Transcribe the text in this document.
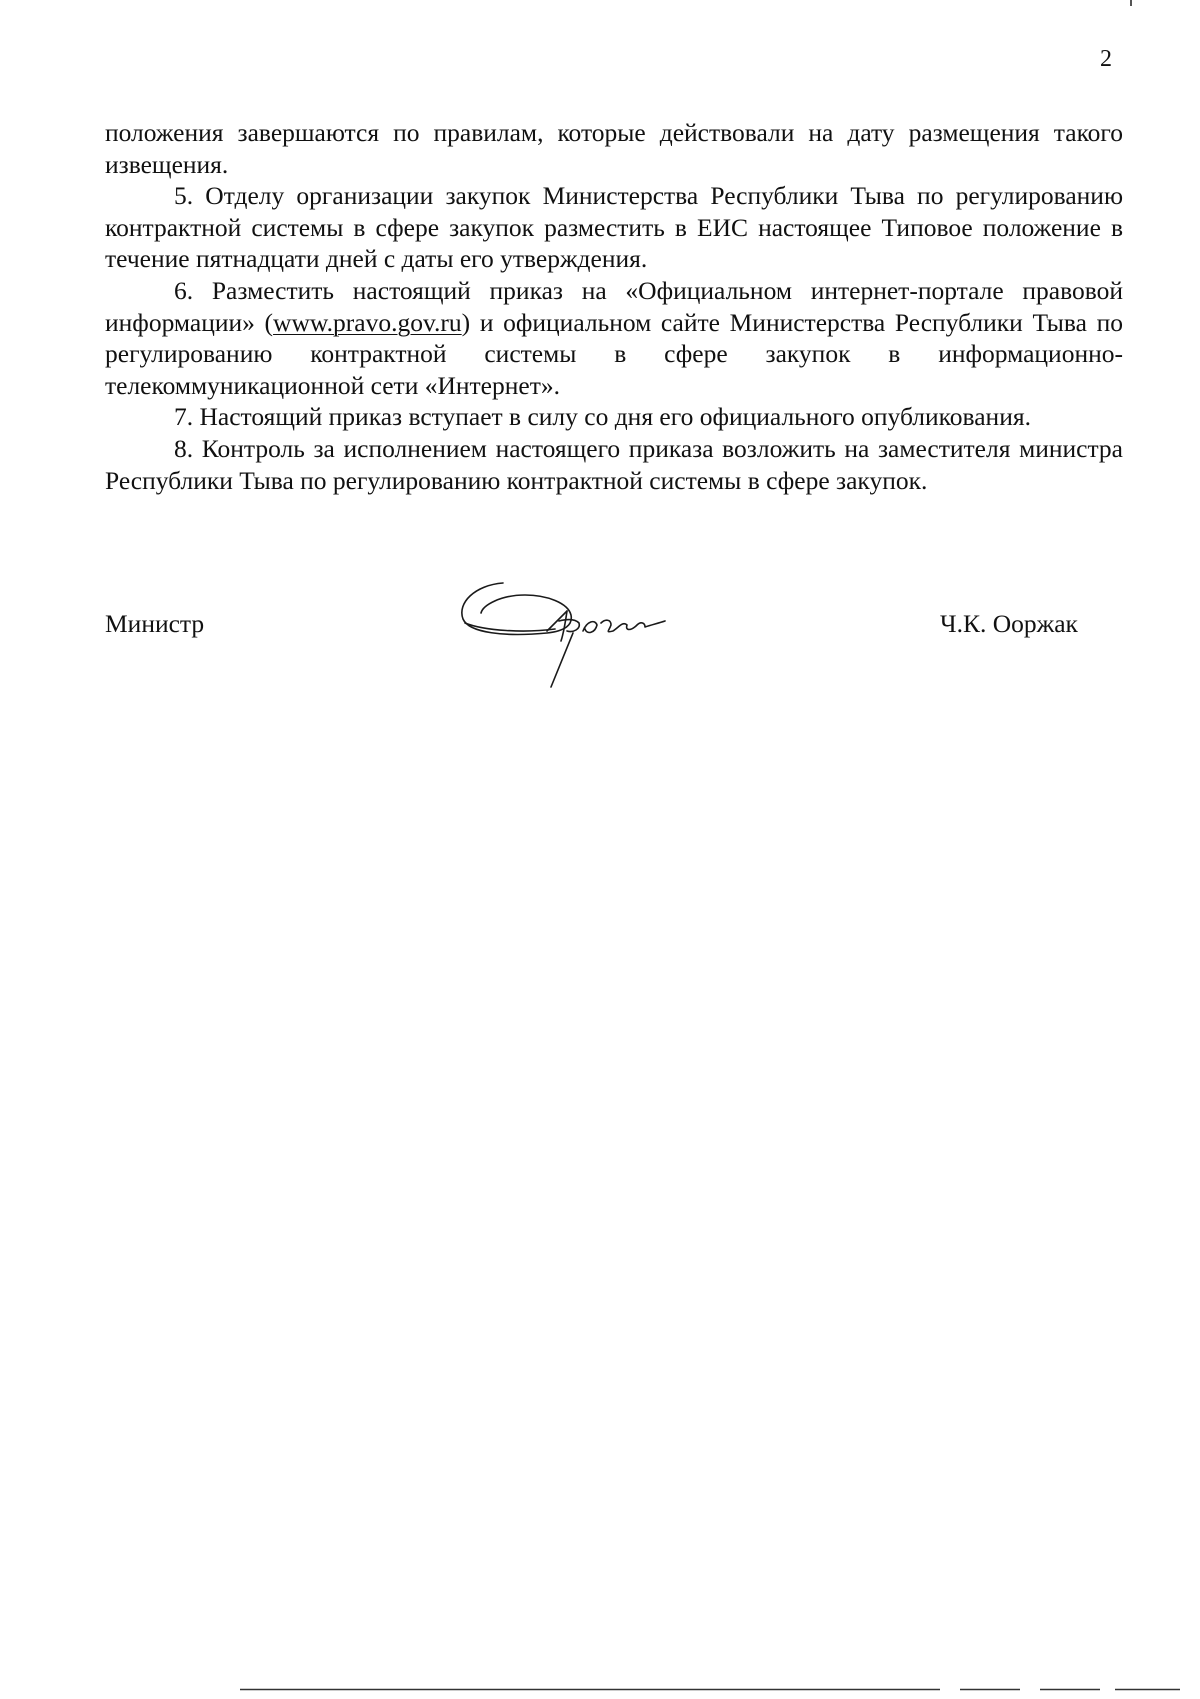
2

положения завершаются по правилам, которые действовали на дату размещения такого извещения.

5. Отделу организации закупок Министерства Республики Тыва по регулированию контрактной системы в сфере закупок разместить в ЕИС настоящее Типовое положение в течение пятнадцати дней с даты его утверждения.

6. Разместить настоящий приказ на «Официальном интернет-портале правовой информации» (www.pravo.gov.ru) и официальном сайте Министерства Республики Тыва по регулированию контрактной системы в сфере закупок в информационно-телекоммуникационной сети «Интернет».

7. Настоящий приказ вступает в силу со дня его официального опубликования.

8. Контроль за исполнением настоящего приказа возложить на заместителя министра Республики Тыва по регулированию контрактной системы в сфере закупок.

Министр	Ч.К. Ооржак
